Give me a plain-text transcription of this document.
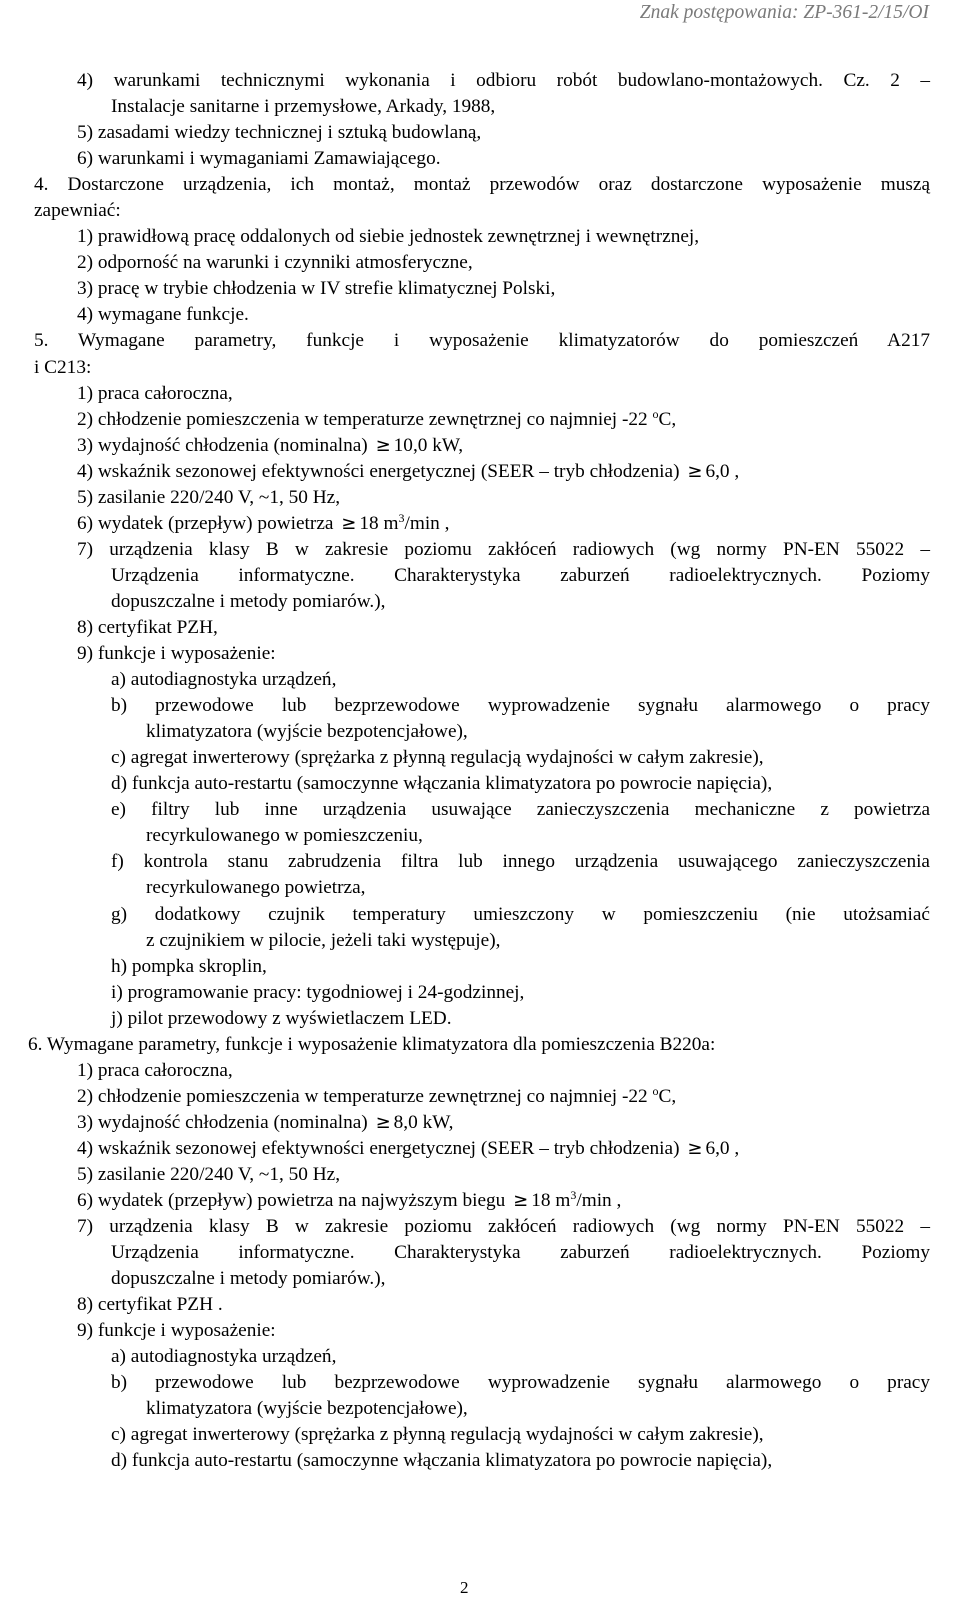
Znak postępowania: ZP-361-2/15/OI
4) warunkami technicznymi wykonania i odbioru robót budowlano-montażowych. Cz. 2 –
Instalacje sanitarne i przemysłowe, Arkady, 1988,
5) zasadami wiedzy technicznej i sztuką budowlaną,
6) warunkami i wymaganiami Zamawiającego.
4. Dostarczone urządzenia, ich montaż, montaż przewodów oraz dostarczone wyposażenie muszą
zapewniać:
1) prawidłową pracę oddalonych od siebie jednostek zewnętrznej i wewnętrznej,
2) odporność na warunki i czynniki atmosferyczne,
3) pracę w trybie chłodzenia w IV strefie klimatycznej Polski,
4) wymagane funkcje.
5. Wymagane parametry, funkcje i wyposażenie klimatyzatorów do pomieszczeń A217
i C213:
1) praca całoroczna,
2) chłodzenie pomieszczenia w temperaturze zewnętrznej co najmniej -22 $^o$C,
3) wydajność chłodzenia (nominalna) ≥ 10,0 kW,
4) wskaźnik sezonowej efektywności energetycznej (SEER – tryb chłodzenia) ≥ 6,0 ,
5) zasilanie 220/240 V, ~1, 50 Hz,
6) wydatek (przepływ) powietrza ≥ 18 $m^3/\min$ ,
7) urządzenia klasy B w zakresie poziomu zakłóceń radiowych (wg normy PN-EN 55022 –
Urządzenia informatyczne. Charakterystyka zaburzeń radioelektrycznych. Poziomy
dopuszczalne i metody pomiarów.),
8) certyfikat PZH,
9) funkcje i wyposażenie:
a) autodiagnostyka urządzeń,
b) przewodowe lub bezprzewodowe wyprowadzenie sygnału alarmowego o pracy
klimatyzatora (wyjście bezpotencjałowe),
c) agregat inwerterowy (sprężarka z płynną regulacją wydajności w całym zakresie),
d) funkcja auto-restartu (samoczynne włączania klimatyzatora po powrocie napięcia),
e) filtry lub inne urządzenia usuwające zanieczyszczenia mechaniczne z powietrza
recyrkulowanego w pomieszczeniu,
f) kontrola stanu zabrudzenia filtra lub innego urządzenia usuwającego zanieczyszczenia
recyrkulowanego powietrza,
g) dodatkowy czujnik temperatury umieszczony w pomieszczeniu (nie utożsamiać
z czujnikiem w pilocie, jeżeli taki występuje),
h) pompka skroplin,
i) programowanie pracy: tygodniowej i 24-godzinnej,
j) pilot przewodowy z wyświetlaczem LED.
6. Wymagane parametry, funkcje i wyposażenie klimatyzatora dla pomieszczenia B220a:
1) praca całoroczna,
2) chłodzenie pomieszczenia w temperaturze zewnętrznej co najmniej -22 $^o$C,
3) wydajność chłodzenia (nominalna) ≥ 8,0 kW,
4) wskaźnik sezonowej efektywności energetycznej (SEER – tryb chłodzenia) ≥ 6,0 ,
5) zasilanie 220/240 V, ~1, 50 Hz,
6) wydatek (przepływ) powietrza na najwyższym biegu ≥ 18 $m^3/\min$ ,
7) urządzenia klasy B w zakresie poziomu zakłóceń radiowych (wg normy PN-EN 55022 –
Urządzenia informatyczne. Charakterystyka zaburzeń radioelektrycznych. Poziomy
dopuszczalne i metody pomiarów.),
8) certyfikat PZH .
9) funkcje i wyposażenie:
a) autodiagnostyka urządzeń,
b) przewodowe lub bezprzewodowe wyprowadzenie sygnału alarmowego o pracy
klimatyzatora (wyjście bezpotencjałowe),
c) agregat inwerterowy (sprężarka z płynną regulacją wydajności w całym zakresie),
d) funkcja auto-restartu (samoczynne włączania klimatyzatora po powrocie napięcia),
2
